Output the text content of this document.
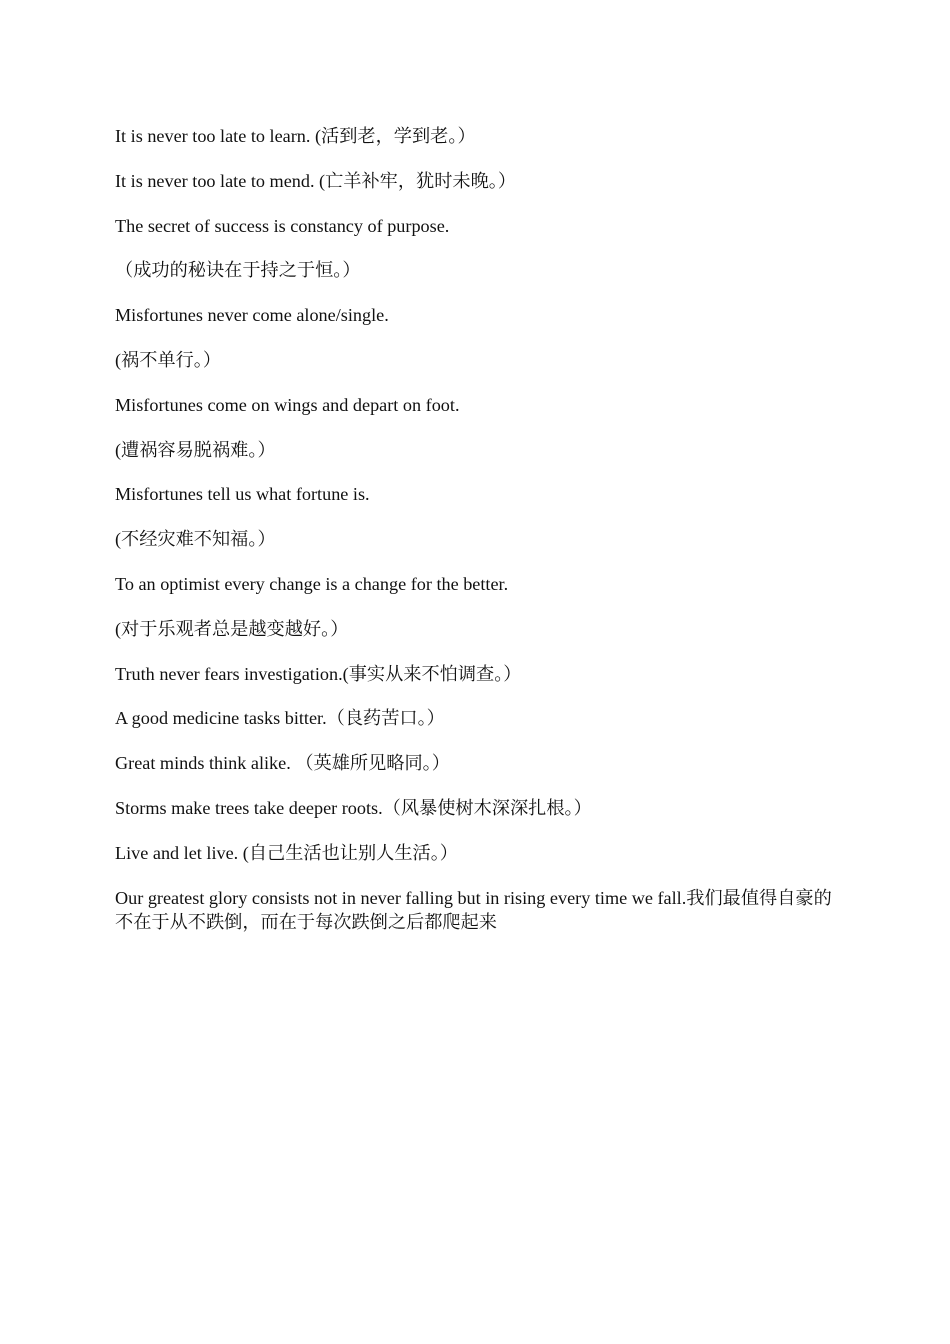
It is never too late to learn. (活到老，学到老。）

It is never too late to mend. (亡羊补牢，犹时未晚。）

The secret of success is constancy of purpose.

（成功的秘诀在于持之于恒。）

Misfortunes never come alone/single.

(祸不单行。）

Misfortunes come on wings and depart on foot.

(遭祸容易脱祸难。）

Misfortunes tell us what fortune is.

(不经灾难不知福。）

To an optimist every change is a change for the better.

(对于乐观者总是越变越好。）

Truth never fears investigation.(事实从来不怕调查。）

A good medicine tasks bitter.（良药苦口。）

Great minds think alike. （英雄所见略同。）

Storms make trees take deeper roots.（风暴使树木深深扎根。）

Live and let live. (自己生活也让别人生活。）

Our greatest glory consists not in never falling but in rising every time we fall.我们最值得自豪的不在于从不跌倒，而在于每次跌倒之后都爬起来
